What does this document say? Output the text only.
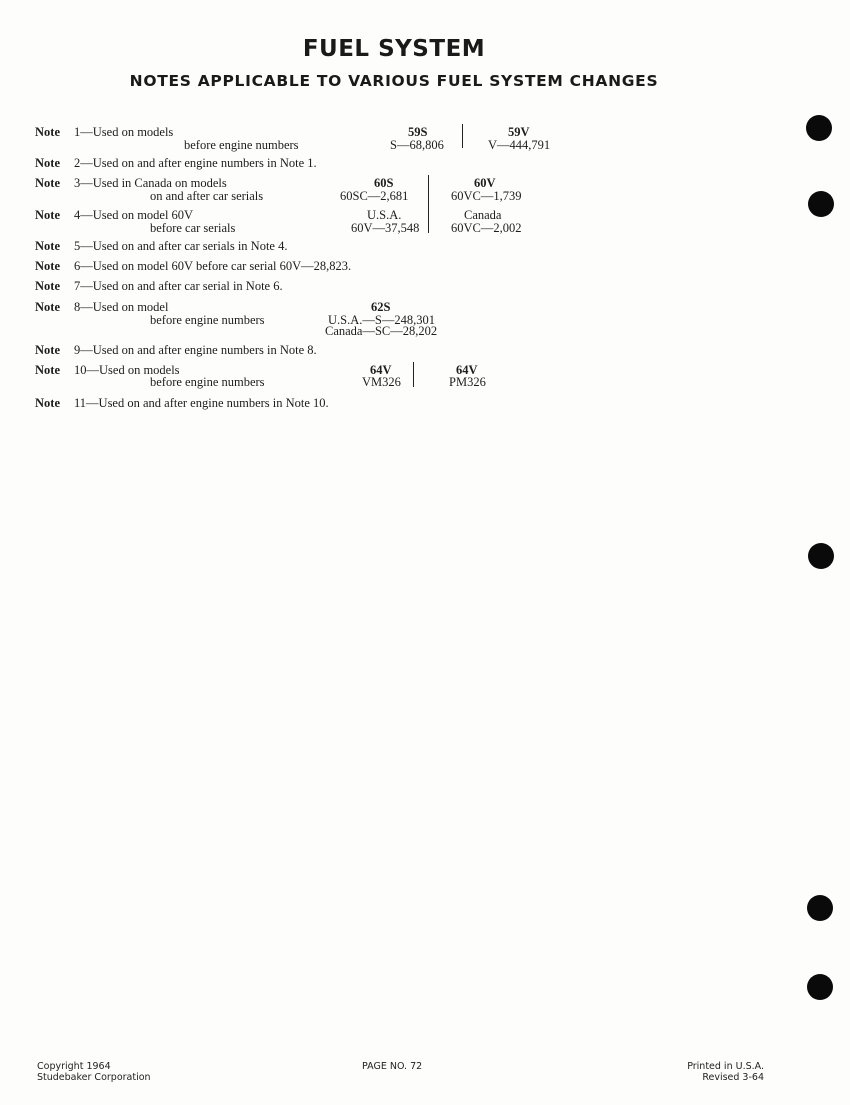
FUEL SYSTEM
NOTES APPLICABLE TO VARIOUS FUEL SYSTEM CHANGES
Note 1—Used on models
before engine numbers
59S
S—68,806
59V
V—444,791
Note 2—Used on and after engine numbers in Note 1.
Note 3—Used in Canada on models
on and after car serials
60S
60SC—2,681
60V
60VC—1,739
Note 4—Used on model 60V
before car serials
U.S.A.
60V—37,548
Canada
60VC—2,002
Note 5—Used on and after car serials in Note 4.
Note 6—Used on model 60V before car serial 60V—28,823.
Note 7—Used on and after car serial in Note 6.
Note 8—Used on model
before engine numbers
62S
U.S.A.—S—248,301
Canada—SC—28,202
Note 9—Used on and after engine numbers in Note 8.
Note 10—Used on models
before engine numbers
64V
VM326
64V
PM326
Note 11—Used on and after engine numbers in Note 10.
Copyright 1964
Studebaker Corporation
PAGE NO. 72	Printed in U.S.A.
Revised 3-64
